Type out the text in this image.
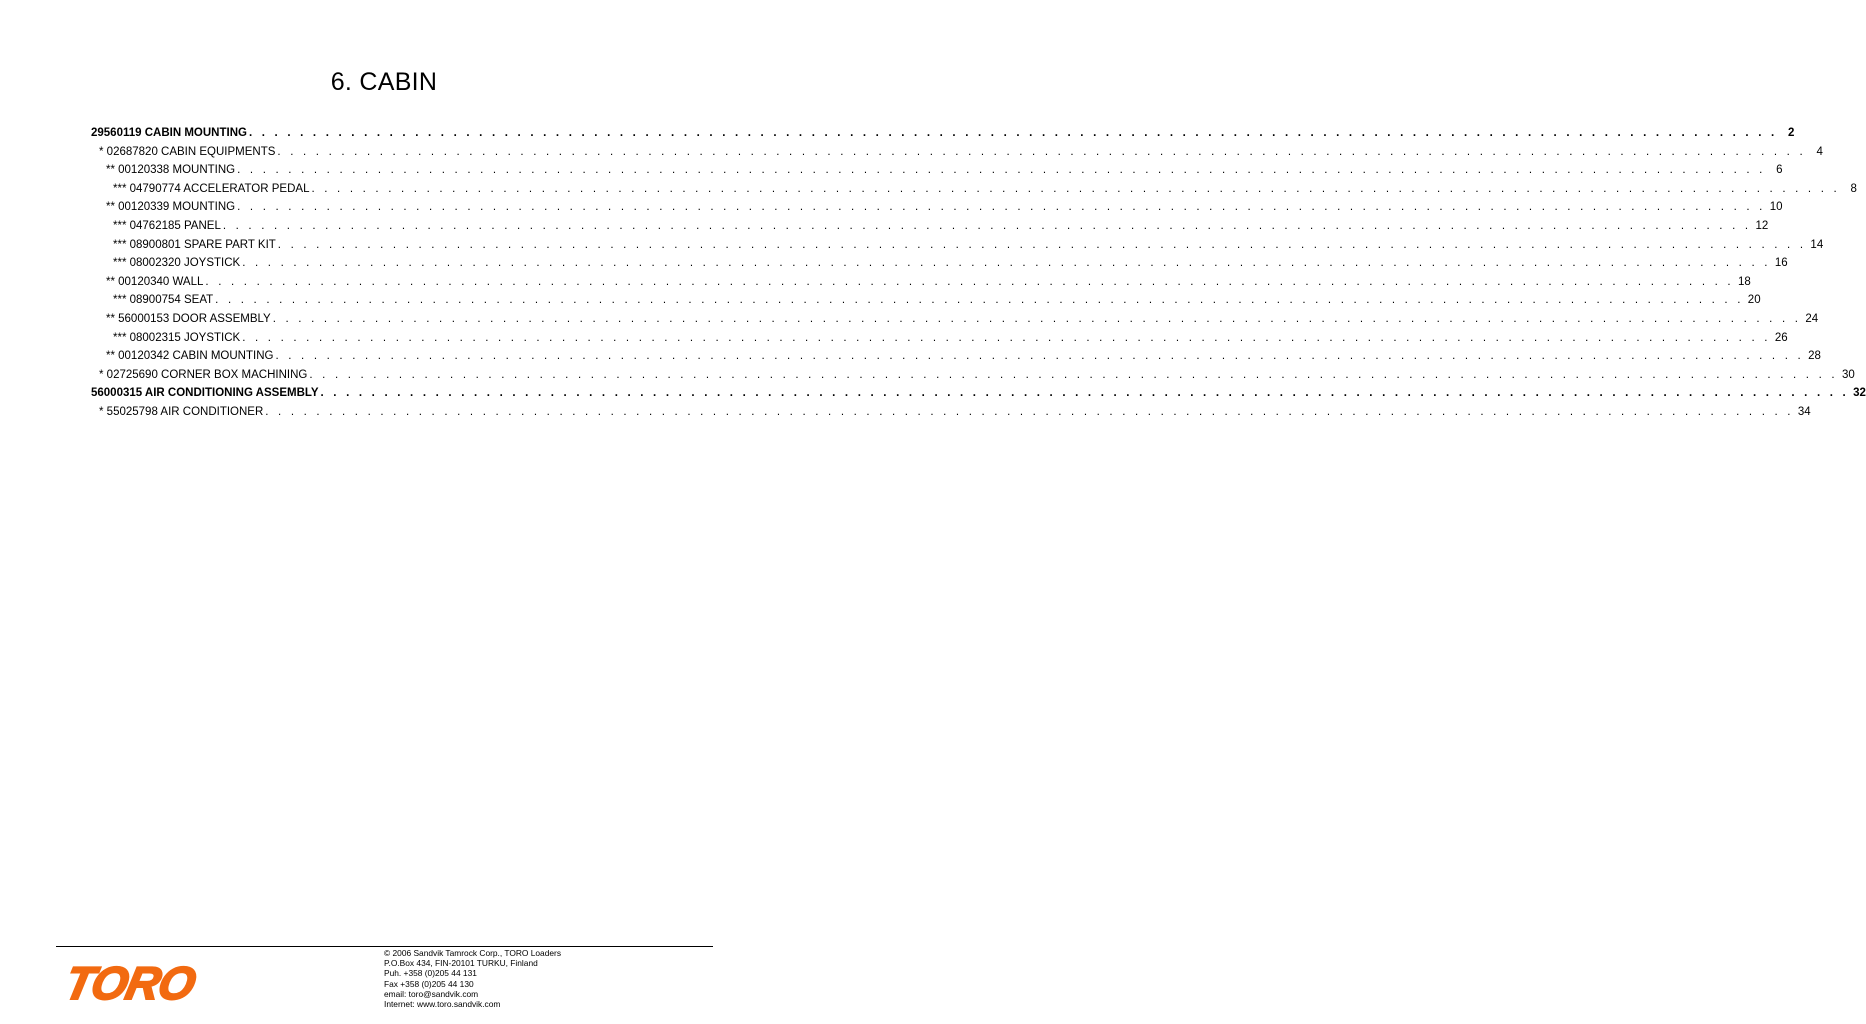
6. CABIN
29560119 CABIN MOUNTING . . . . . . . . . . . . . . . . . . . . . . . . . . . . . . . . . . . . . . . . . . . . . . . . . . . . . . . . . . . . . . . . . . . . . . . . . . . . . . . . . . . . . . . . . . . . . . . . . . . . . . . . . . . . . . . . . . . . . . . . 2
* 02687820 CABIN EQUIPMENTS . . . . . . . . . . . . . . . . . . . . . . . . . . . . . . . . . . . . . . . . . . . . . . . . . . . . . . . . . . . . . . . . . . . . . . . . . . . . . . . . . . . . . . . . . . . . . . . . . . . . . . . . . . . . . . . . . . . . . . . . 4
** 00120338 MOUNTING . . . . . . . . . . . . . . . . . . . . . . . . . . . . . . . . . . . . . . . . . . . . . . . . . . . . . . . . . . . . . . . . . . . . . . . . . . . . . . . . . . . . . . . . . . . . . . . . . . . . . . . . . . . . . . . . . . . . . . . . 6
*** 04790774 ACCELERATOR PEDAL . . . . . . . . . . . . . . . . . . . . . . . . . . . . . . . . . . . . . . . . . . . . . . . . . . . . . . . . . . . . . . . . . . . . . . . . . . . . . . . . . . . . . . . . . . . . . . . . . . . . . . . . . . . . . . . . . . . . . . . . 8
** 00120339 MOUNTING . . . . . . . . . . . . . . . . . . . . . . . . . . . . . . . . . . . . . . . . . . . . . . . . . . . . . . . . . . . . . . . . . . . . . . . . . . . . . . . . . . . . . . . . . . . . . . . . . . . . . . . . . . . . . . . . . . . . . . . . 10
*** 04762185 PANEL . . . . . . . . . . . . . . . . . . . . . . . . . . . . . . . . . . . . . . . . . . . . . . . . . . . . . . . . . . . . . . . . . . . . . . . . . . . . . . . . . . . . . . . . . . . . . . . . . . . . . . . . . . . . . . . . . . . . . . . . 12
*** 08900801 SPARE PART KIT . . . . . . . . . . . . . . . . . . . . . . . . . . . . . . . . . . . . . . . . . . . . . . . . . . . . . . . . . . . . . . . . . . . . . . . . . . . . . . . . . . . . . . . . . . . . . . . . . . . . . . . . . . . . . . . . . . . . . . . . 14
*** 08002320 JOYSTICK . . . . . . . . . . . . . . . . . . . . . . . . . . . . . . . . . . . . . . . . . . . . . . . . . . . . . . . . . . . . . . . . . . . . . . . . . . . . . . . . . . . . . . . . . . . . . . . . . . . . . . . . . . . . . . . . . . . . . . . . 16
** 00120340 WALL . . . . . . . . . . . . . . . . . . . . . . . . . . . . . . . . . . . . . . . . . . . . . . . . . . . . . . . . . . . . . . . . . . . . . . . . . . . . . . . . . . . . . . . . . . . . . . . . . . . . . . . . . . . . . . . . . . . . . . . . 18
*** 08900754 SEAT . . . . . . . . . . . . . . . . . . . . . . . . . . . . . . . . . . . . . . . . . . . . . . . . . . . . . . . . . . . . . . . . . . . . . . . . . . . . . . . . . . . . . . . . . . . . . . . . . . . . . . . . . . . . . . . . . . . . . . . . 20
** 56000153 DOOR ASSEMBLY . . . . . . . . . . . . . . . . . . . . . . . . . . . . . . . . . . . . . . . . . . . . . . . . . . . . . . . . . . . . . . . . . . . . . . . . . . . . . . . . . . . . . . . . . . . . . . . . . . . . . . . . . . . . . . . . . . . . . . . . 24
*** 08002315 JOYSTICK . . . . . . . . . . . . . . . . . . . . . . . . . . . . . . . . . . . . . . . . . . . . . . . . . . . . . . . . . . . . . . . . . . . . . . . . . . . . . . . . . . . . . . . . . . . . . . . . . . . . . . . . . . . . . . . . . . . . . . . . 26
** 00120342 CABIN MOUNTING . . . . . . . . . . . . . . . . . . . . . . . . . . . . . . . . . . . . . . . . . . . . . . . . . . . . . . . . . . . . . . . . . . . . . . . . . . . . . . . . . . . . . . . . . . . . . . . . . . . . . . . . . . . . . . . . . . . . . . . . 28
* 02725690 CORNER BOX MACHINING . . . . . . . . . . . . . . . . . . . . . . . . . . . . . . . . . . . . . . . . . . . . . . . . . . . . . . . . . . . . . . . . . . . . . . . . . . . . . . . . . . . . . . . . . . . . . . . . . . . . . . . . . . . . . . . . . . . . . . . . 30
56000315 AIR CONDITIONING ASSEMBLY . . . . . . . . . . . . . . . . . . . . . . . . . . . . . . . . . . . . . . . . . . . . . . . . . . . . . . . . . . . . . . . . . . . . . . . . . . . . . . . . . . . . . . . . . . . . . . . . . . . . . . . . . . . . . . . . . . . . . . . . 32
* 55025798 AIR CONDITIONER . . . . . . . . . . . . . . . . . . . . . . . . . . . . . . . . . . . . . . . . . . . . . . . . . . . . . . . . . . . . . . . . . . . . . . . . . . . . . . . . . . . . . . . . . . . . . . . . . . . . . . . . . . . . . . . . . . . . . . . . 34
TORO
© 2006 Sandvik Tamrock Corp., TORO Loaders
P.O.Box 434, FIN-20101 TURKU, Finland
Puh. +358 (0)205 44 131
Fax +358 (0)205 44 130
email: toro@sandvik.com
Internet: www.toro.sandvik.com
